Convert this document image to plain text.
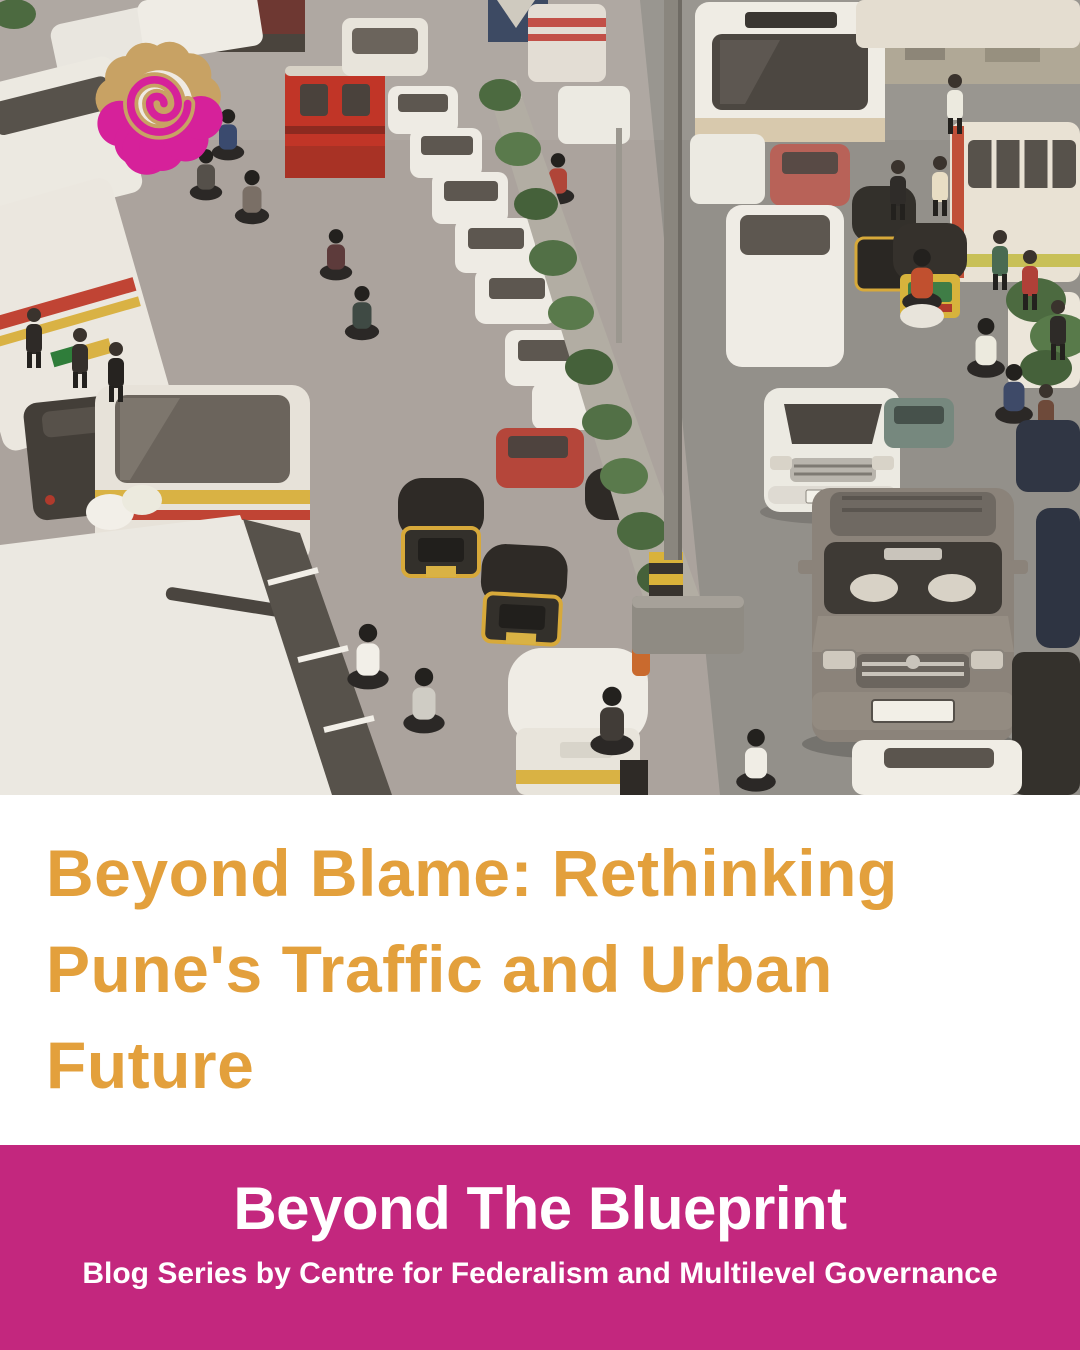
Beyond Blame: Rethinking Pune's Traffic and Urban Future
Beyond The Blueprint

Blog Series by Centre for Federalism and Multilevel Governance
